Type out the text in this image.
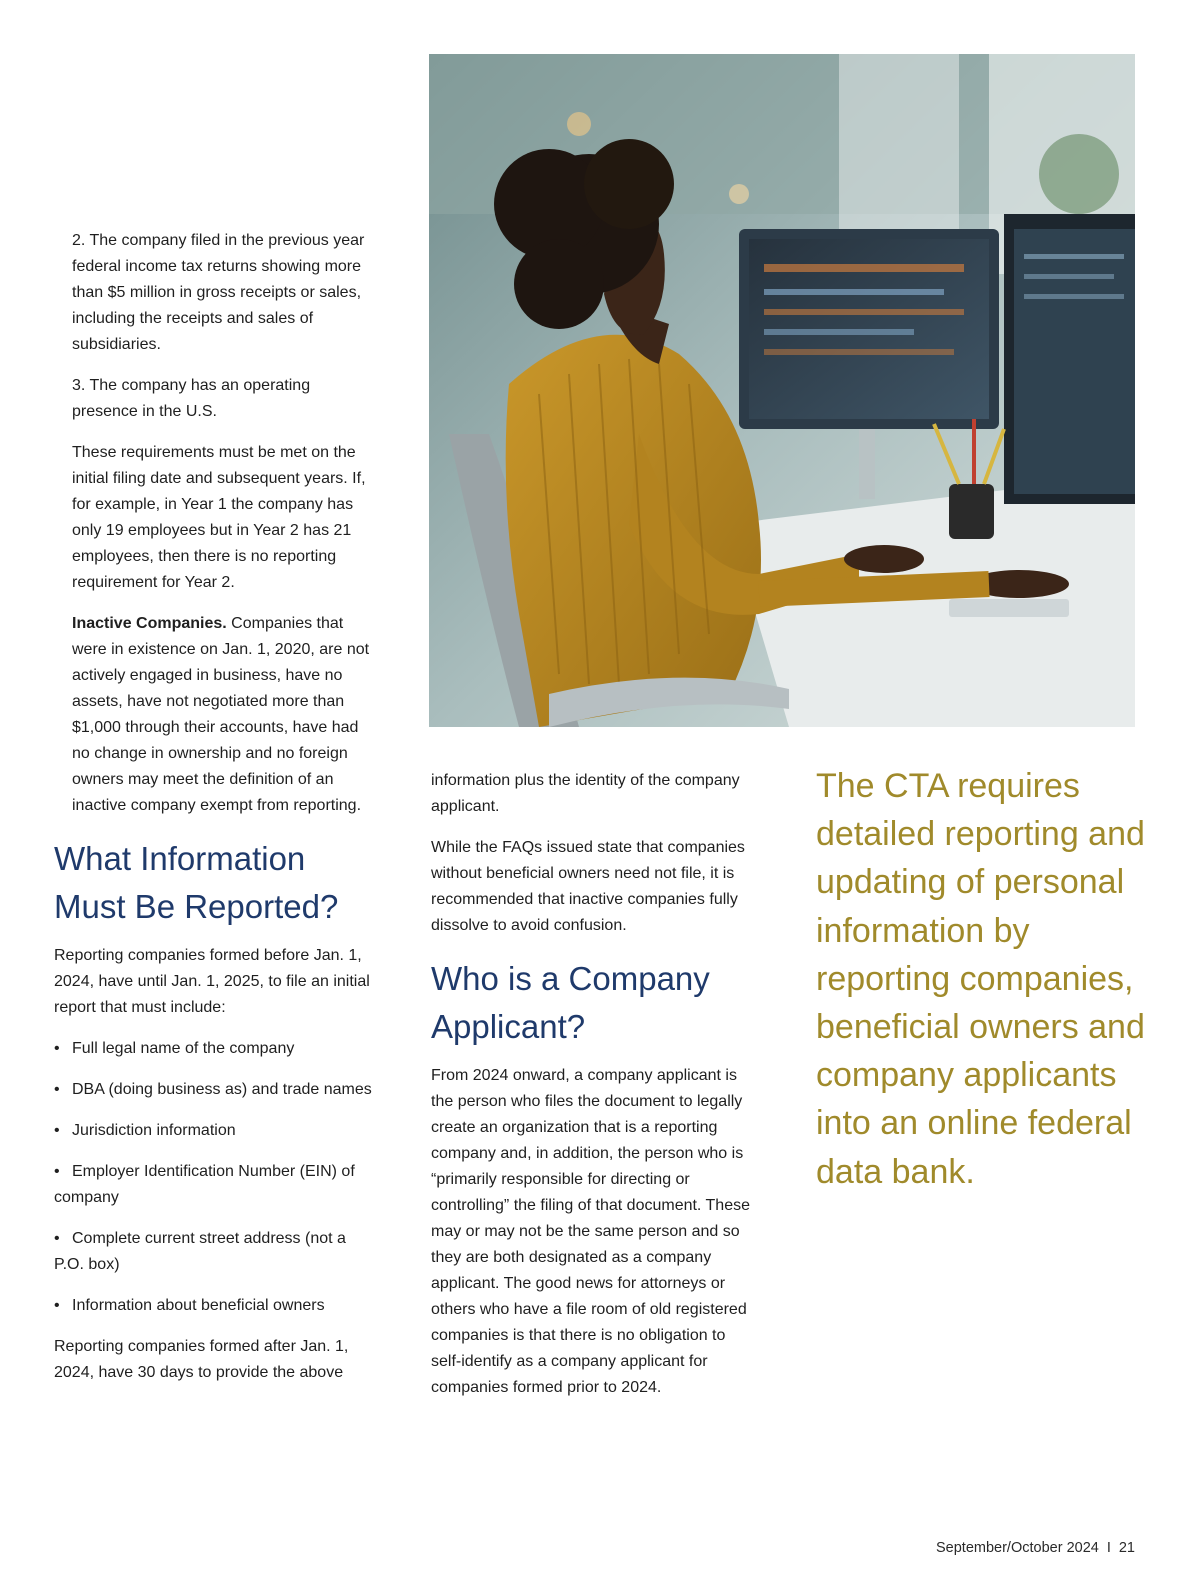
2. The company filed in the previous year federal income tax returns showing more than $5 million in gross receipts or sales, including the receipts and sales of subsidiaries.

3. The company has an operating presence in the U.S.

These requirements must be met on the initial filing date and subsequent years. If, for example, in Year 1 the company has only 19 employees but in Year 2 has 21 employees, then there is no reporting requirement for Year 2.

Inactive Companies. Companies that were in existence on Jan. 1, 2020, are not actively engaged in business, have no assets, have not negotiated more than $1,000 through their accounts, have had no change in ownership and no foreign owners may meet the definition of an inactive company exempt from reporting.

What Information Must Be Reported?

Reporting companies formed before Jan. 1, 2024, have until Jan. 1, 2025, to file an initial report that must include:

• Full legal name of the company
• DBA (doing business as) and trade names
• Jurisdiction information
• Employer Identification Number (EIN) of company
• Complete current street address (not a P.O. box)
• Information about beneficial owners

Reporting companies formed after Jan. 1, 2024, have 30 days to provide the above

information plus the identity of the company applicant.

While the FAQs issued state that companies without beneficial owners need not file, it is recommended that inactive companies fully dissolve to avoid confusion.

Who is a Company Applicant?

From 2024 onward, a company applicant is the person who files the document to legally create an organization that is a reporting company and, in addition, the person who is “primarily responsible for directing or controlling” the filing of that document. These may or may not be the same person and so they are both designated as a company applicant. The good news for attorneys or others who have a file room of old registered companies is that there is no obligation to self-identify as a company applicant for companies formed prior to 2024.

The CTA requires detailed reporting and updating of personal information by reporting companies, beneficial owners and company applicants into an online federal data bank.
September/October 2024 I 21
